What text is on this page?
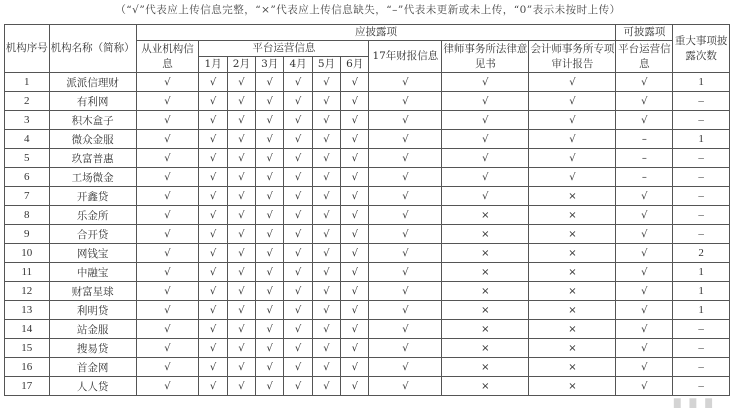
（“√”代表应上传信息完整，“×”代表应上传信息缺失，“–”代表未更新或未上传，“0”表示未按时上传）
机构序号	机构名称（简称）	应披露项										可披露项	重大事项披露次数
		从业机构信息	平台运营信息						17年财报信息	律师事务所法律意见书	会计师事务所专项审计报告	平台运营信息	
			1月	2月	3月	4月	5月	6月					
1	派派信理财	√	√	√	√	√	√	√	√	√	√	√	1
2	有利网	√	√	√	√	√	√	√	√	√	√	√	–
3	积木盒子	√	√	√	√	√	√	√	√	√	√	√	–
4	微众金服	√	√	√	√	√	√	√	√	√	√	–	1
5	玖富普惠	√	√	√	√	√	√	√	√	√	√	–	–
6	工场微金	√	√	√	√	√	√	√	√	√	√	–	–
7	开鑫贷	√	√	√	√	√	√	√	√	√	×	√	–
8	乐金所	√	√	√	√	√	√	√	√	×	×	√	–
9	合开贷	√	√	√	√	√	√	√	√	×	×	√	–
10	网钱宝	√	√	√	√	√	√	√	√	×	×	√	2
11	中融宝	√	√	√	√	√	√	√	√	×	×	√	1
12	财富星球	√	√	√	√	√	√	√	√	×	×	√	1
13	利明贷	√	√	√	√	√	√	√	√	×	×	√	1
14	站金服	√	√	√	√	√	√	√	√	×	×	√	–
15	搜易贷	√	√	√	√	√	√	√	√	×	×	√	–
16	首金网	√	√	√	√	√	√	√	√	×	×	√	–
17	人人贷	√	√	√	√	√	√	√	√	×	×	√	–
∎∎∎
